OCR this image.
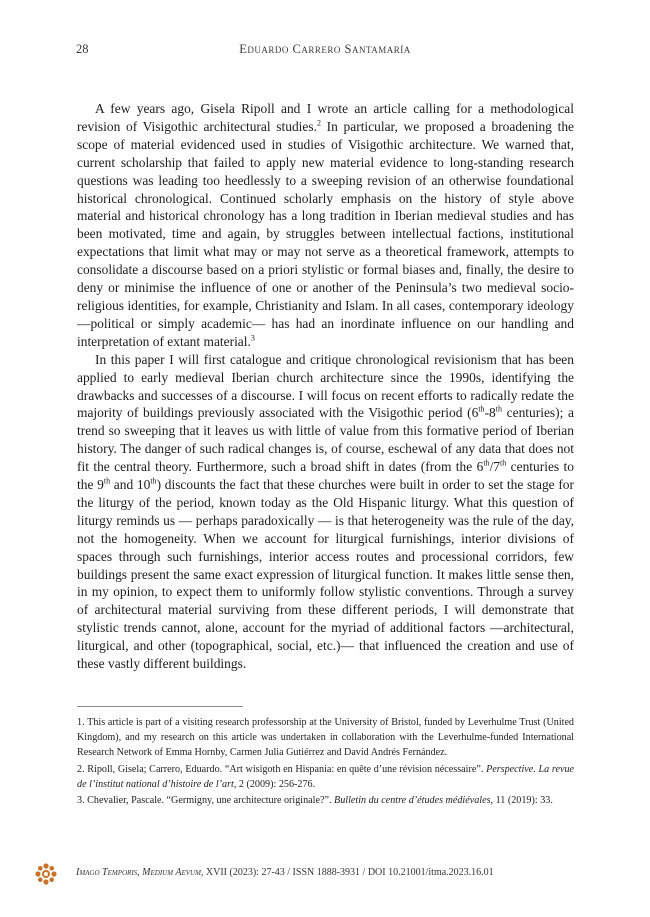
28	Eduardo Carrero Santamaría

A few years ago, Gisela Ripoll and I wrote an article calling for a methodological revision of Visigothic architectural studies.$^2$ In particular, we proposed a broadening the scope of material evidenced used in studies of Visigothic architecture. We warned that, current scholarship that failed to apply new material evidence to long-standing research questions was leading too heedlessly to a sweeping revision of an otherwise foundational historical chronological. Continued scholarly emphasis on the history of style above material and historical chronology has a long tradition in Iberian medieval studies and has been motivated, time and again, by struggles between intellectual factions, institutional expectations that limit what may or may not serve as a theoretical framework, attempts to consolidate a discourse based on a priori stylistic or formal biases and, finally, the desire to deny or minimise the influence of one or another of the Peninsula’s two medieval socio-religious identities, for example, Christianity and Islam. In all cases, contemporary ideology —political or simply academic— has had an inordinate influence on our handling and interpretation of extant material.$^3$

In this paper I will first catalogue and critique chronological revisionism that has been applied to early medieval Iberian church architecture since the 1990s, identifying the drawbacks and successes of a discourse. I will focus on recent efforts to radically redate the majority of buildings previously associated with the Visigothic period (6th-8th centuries); a trend so sweeping that it leaves us with little of value from this formative period of Iberian history. The danger of such radical changes is, of course, eschewal of any data that does not fit the central theory. Furthermore, such a broad shift in dates (from the 6th/7th centuries to the 9th and 10th) discounts the fact that these churches were built in order to set the stage for the liturgy of the period, known today as the Old Hispanic liturgy. What this question of liturgy reminds us — perhaps paradoxically — is that heterogeneity was the rule of the day, not the homogeneity. When we account for liturgical furnishings, interior divisions of spaces through such furnishings, interior access routes and processional corridors, few buildings present the same exact expression of liturgical function. It makes little sense then, in my opinion, to expect them to uniformly follow stylistic conventions. Through a survey of architectural material surviving from these different periods, I will demonstrate that stylistic trends cannot, alone, account for the myriad of additional factors —architectural, liturgical, and other (topographical, social, etc.)— that influenced the creation and use of these vastly different buildings.

1. This article is part of a visiting research professorship at the University of Bristol, funded by Leverhulme Trust (United Kingdom), and my research on this article was undertaken in collaboration with the Leverhulme-funded International Research Network of Emma Hornby, Carmen Julia Gutiérrez and David Andrés Fernández.

2. Ripoll, Gisela; Carrero, Eduardo. “Art wisigoth en Hispania: en quête d’une révision nécessaire”. Perspective. La revue de l’institut national d’histoire de l’art, 2 (2009): 256-276.

3. Chevalier, Pascale. “Germigny, une architecture originale?”. Bulletin du centre d’études médiévales, 11 (2019): 33.

Imago Temporis, Medium Aevum, XVII (2023): 27-43 / ISSN 1888-3931 / DOI 10.21001/itma.2023.16.01
